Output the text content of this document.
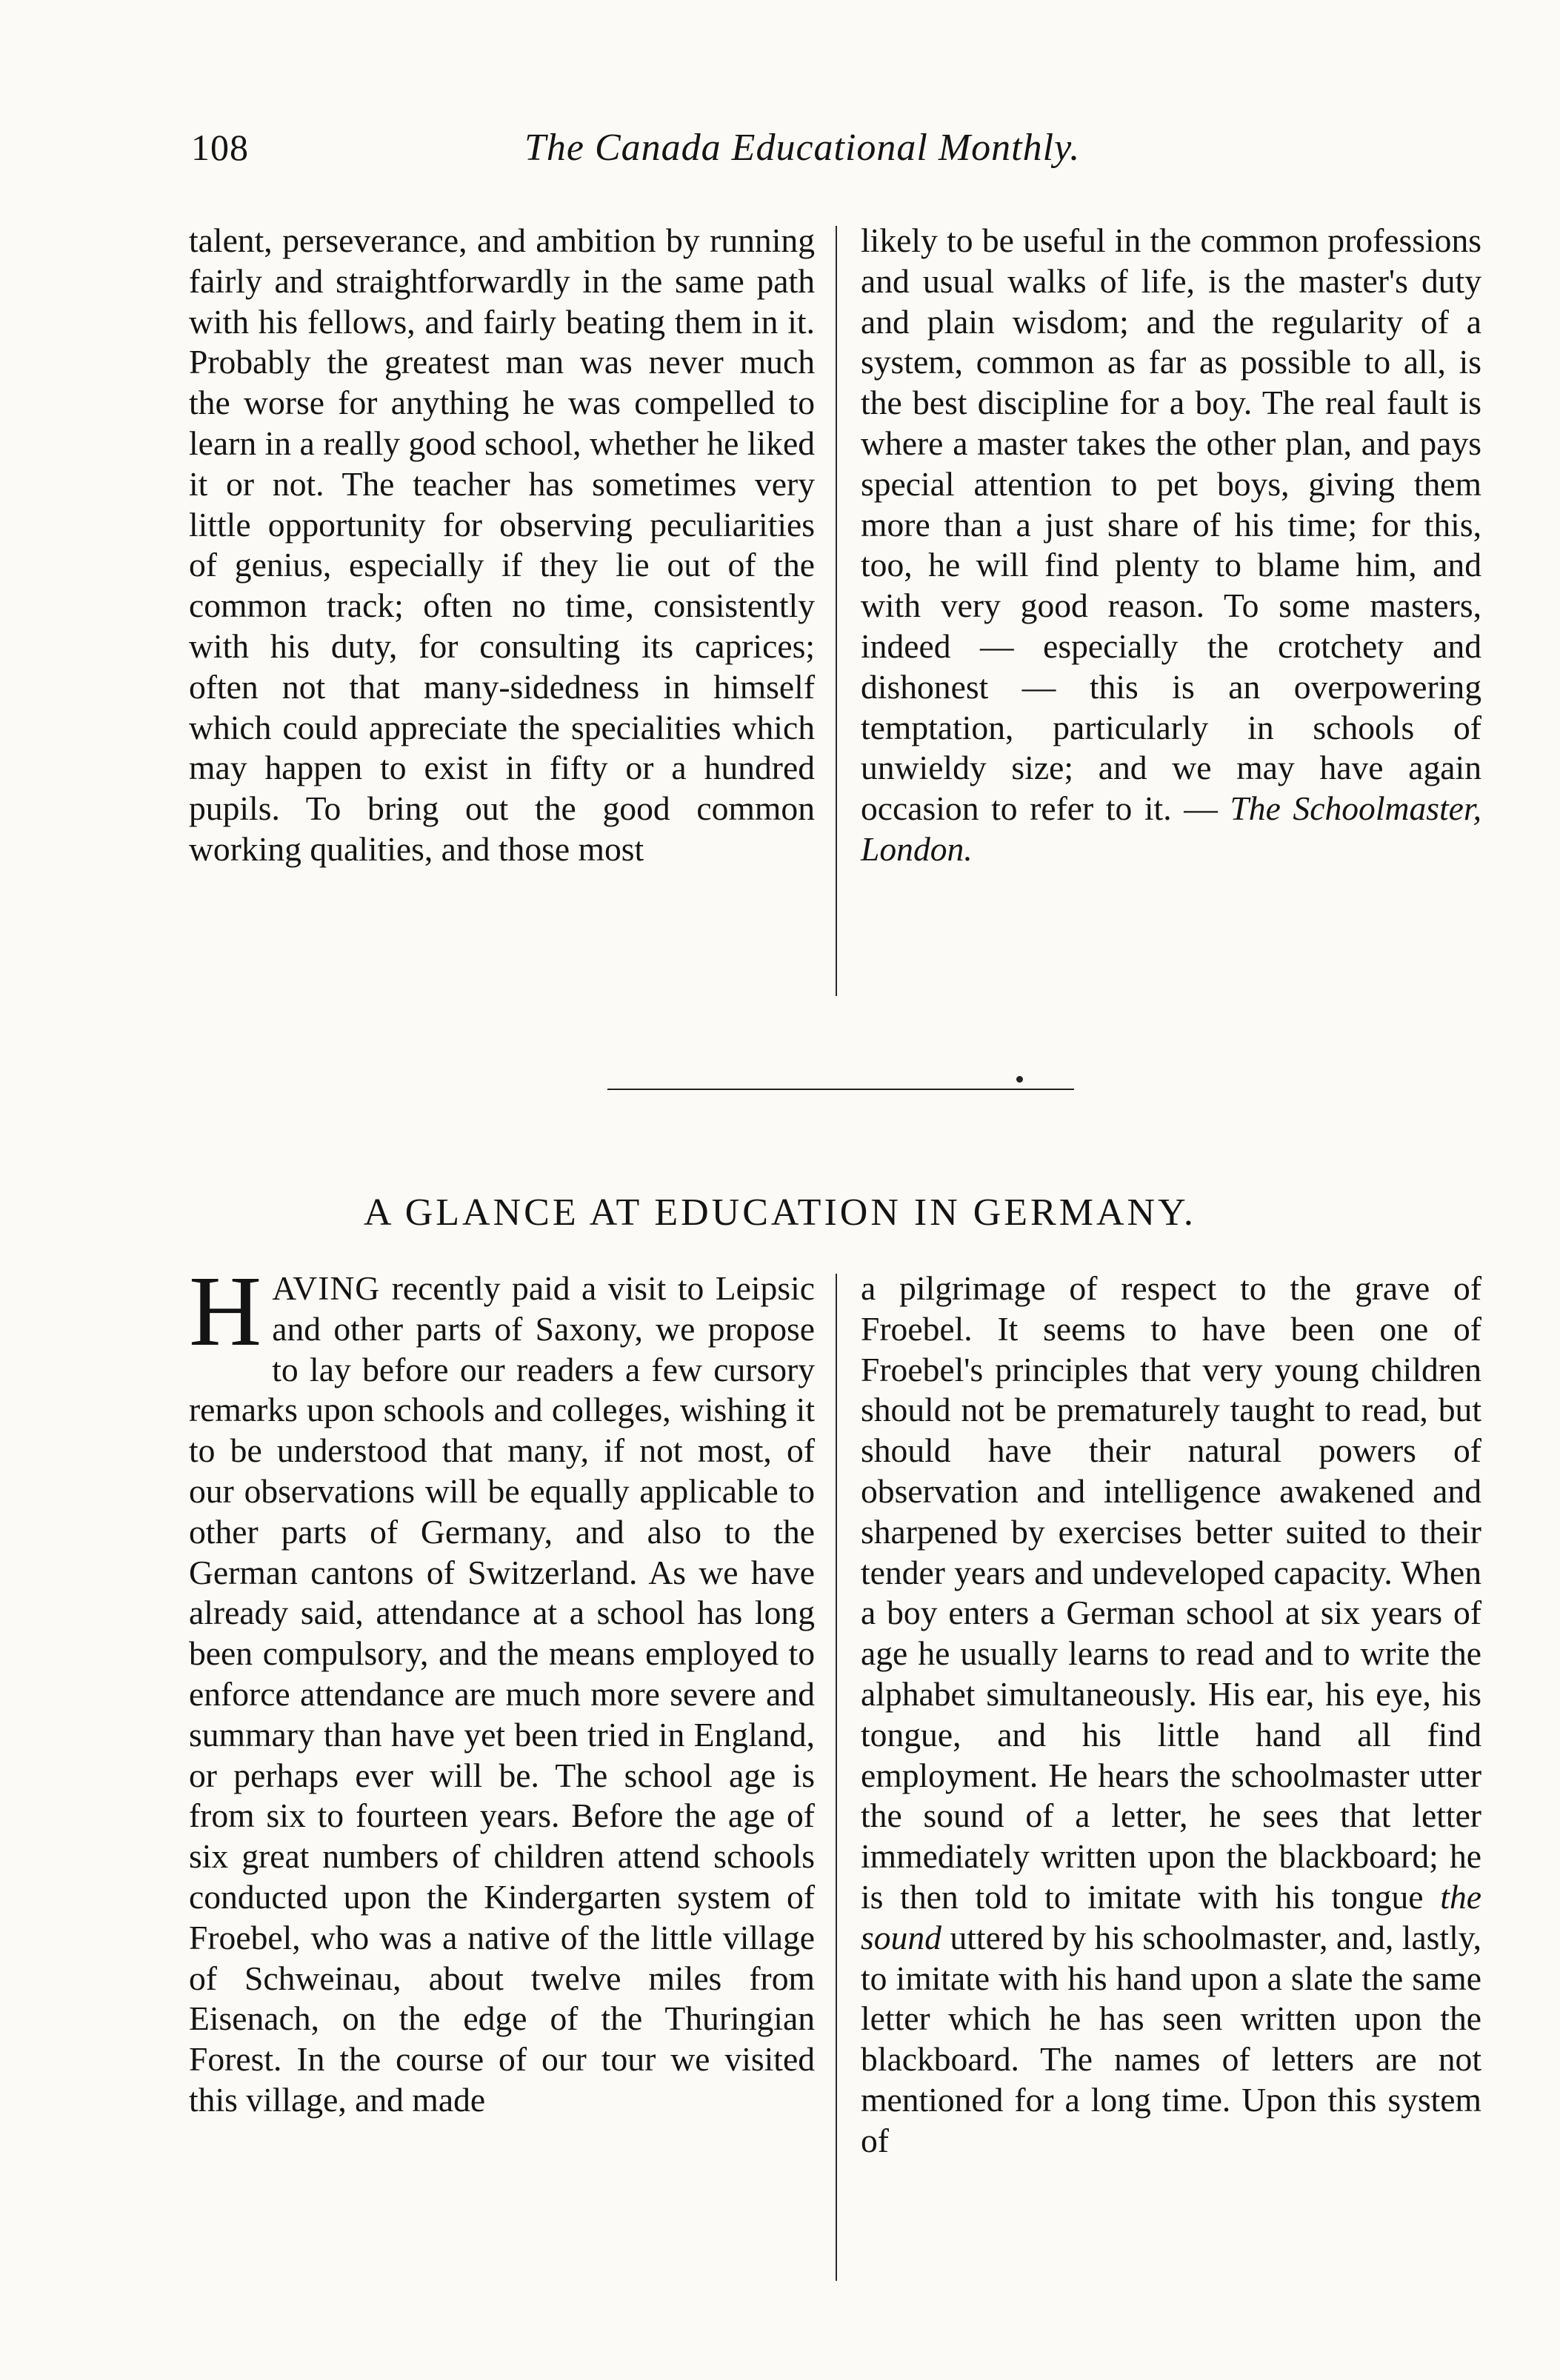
108	The Canada Educational Monthly.

talent, perseverance, and ambition by running fairly and straightforwardly in the same path with his fellows, and fairly beating them in it. Probably the greatest man was never much the worse for anything he was compelled to learn in a really good school, whether he liked it or not. The teacher has sometimes very little opportunity for observing peculiarities of genius, especially if they lie out of the common track; often no time, consistently with his duty, for consulting its caprices; often not that many-sidedness in himself which could appreciate the specialities which may happen to exist in fifty or a hundred pupils. To bring out the good common working qualities, and those most

likely to be useful in the common professions and usual walks of life, is the master's duty and plain wisdom; and the regularity of a system, common as far as possible to all, is the best discipline for a boy. The real fault is where a master takes the other plan, and pays special attention to pet boys, giving them more than a just share of his time; for this, too, he will find plenty to blame him, and with very good reason. To some masters, indeed — especially the crotchety and dishonest — this is an overpowering temptation, particularly in schools of unwieldy size; and we may have again occasion to refer to it. — The Schoolmaster, London.

A GLANCE AT EDUCATION IN GERMANY.

HAVING recently paid a visit to Leipsic and other parts of Saxony, we propose to lay before our readers a few cursory remarks upon schools and colleges, wishing it to be understood that many, if not most, of our observations will be equally applicable to other parts of Germany, and also to the German cantons of Switzerland. As we have already said, attendance at a school has long been compulsory, and the means employed to enforce attendance are much more severe and summary than have yet been tried in England, or perhaps ever will be. The school age is from six to fourteen years. Before the age of six great numbers of children attend schools conducted upon the Kindergarten system of Froebel, who was a native of the little village of Schweinau, about twelve miles from Eisenach, on the edge of the Thuringian Forest. In the course of our tour we visited this village, and made

a pilgrimage of respect to the grave of Froebel. It seems to have been one of Froebel's principles that very young children should not be prematurely taught to read, but should have their natural powers of observation and intelligence awakened and sharpened by exercises better suited to their tender years and undeveloped capacity. When a boy enters a German school at six years of age he usually learns to read and to write the alphabet simultaneously. His ear, his eye, his tongue, and his little hand all find employment. He hears the schoolmaster utter the sound of a letter, he sees that letter immediately written upon the blackboard; he is then told to imitate with his tongue the sound uttered by his schoolmaster, and, lastly, to imitate with his hand upon a slate the same letter which he has seen written upon the blackboard. The names of letters are not mentioned for a long time. Upon this system of
